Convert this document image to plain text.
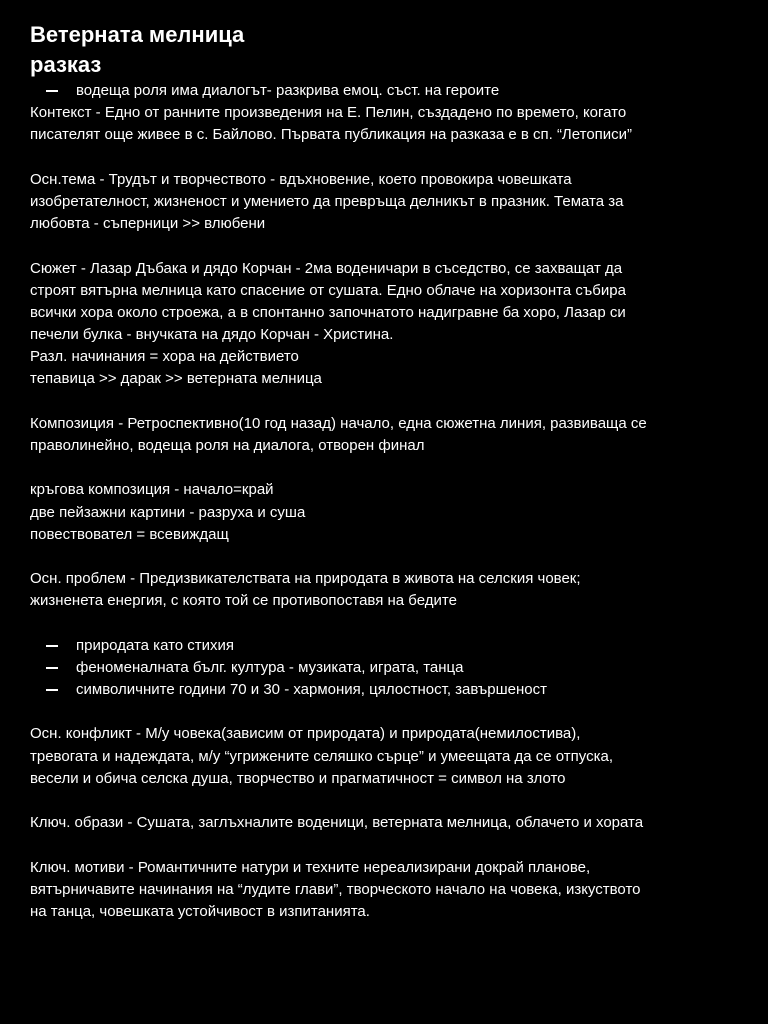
Ветерната мелница
разказ
водеща роля има диалогът- разкрива емоц. съст. на героите
Контекст - Едно от ранните произведения на Е. Пелин, създадено по времето, когато
писателят още живее в с. Байлово. Първата публикация на разказа е в сп. “Летописи”
Осн.тема - Трудът и творчеството - вдъхновение, което провокира човешката
изобретателност, жизненост и умението да превръща делникът в празник. Темата за
любовта - съперници >> влюбени
Сюжет - Лазар Дъбака и дядо Корчан - 2ма воденичари в съседство, се захващат да
строят вятърна мелница като спасение от сушата. Едно облаче на хоризонта събира
всички хора около строежа, а в спонтанно започнатото надигравне ба хоро, Лазар си
печели булка - внучката на дядо Корчан - Христина.
Разл. начинания = хора на действието
тепавица >> дарак >> ветерната мелница
Композиция - Ретроспективно(10 год назад) начало, една сюжетна линия, развиваща се
праволинейно, водеща роля на диалога, отворен финал
кръгова композиция - начало=край
две пейзажни картини - разруха и суша
повествовател = всевиждащ
Осн. проблем - Предизвикателствата на природата в живота на селския човек;
жизненета енергия, с която той се противопоставя на бедите
природата като стихия
феноменалната бълг. култура - музиката, играта, танца
символичните години 70 и 30 - хармония, цялостност, завършеност
Осн. конфликт - М/у човека(зависим от природата) и природата(немилостива),
тревогата и надеждата, м/у “угрижените селяшко сърце” и умеещата да се отпуска,
весели и обича селска душа, творчество и прагматичност = символ на злото
Ключ. образи - Сушата, заглъхналите воденици, ветерната мелница, облачето и хората
Ключ. мотиви - Романтичните натури и техните нереализирани докрай планове,
вятърничавите начинания на “лудите глави”, творческото начало на човека, изкуството
на танца, човешката устойчивост в изпитанията.
